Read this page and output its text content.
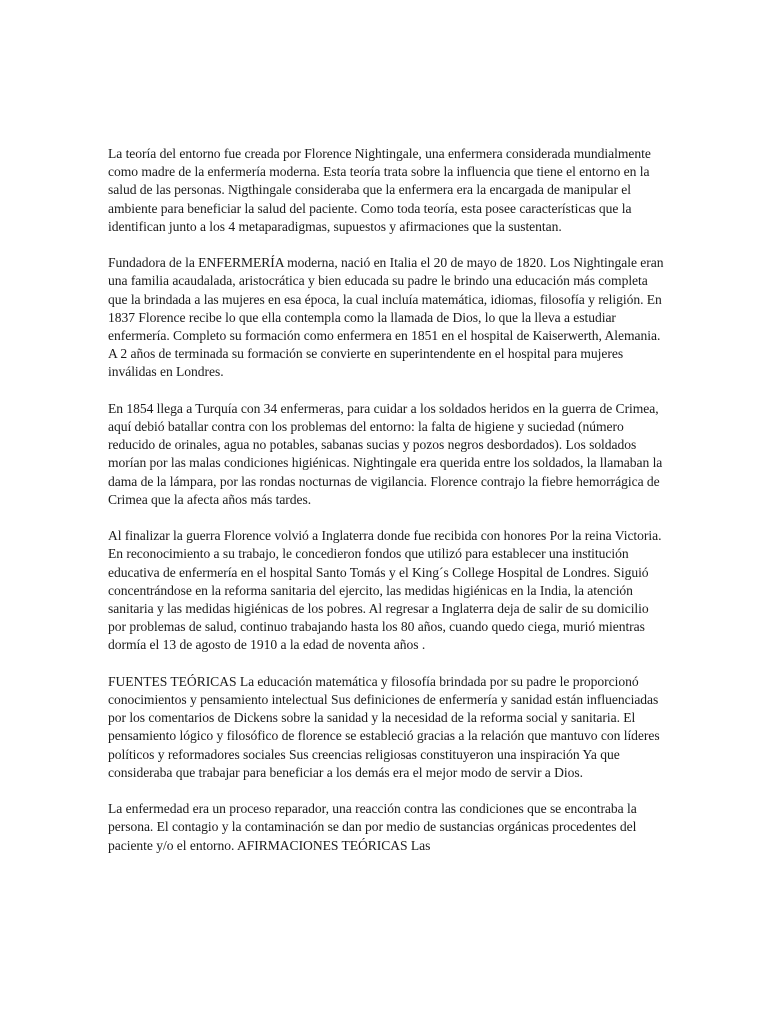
La teoría del entorno fue creada por Florence Nightingale, una enfermera considerada mundialmente como madre de la enfermería moderna. Esta teoría trata sobre la influencia que tiene el entorno en la salud de las personas. Nigthingale consideraba que la enfermera era la encargada de manipular el ambiente para beneficiar la salud del paciente. Como toda teoría, esta posee características que la identifican junto a los 4 metaparadigmas, supuestos y afirmaciones que la sustentan.

Fundadora de la ENFERMERÍA moderna, nació en Italia el 20 de mayo de 1820. Los Nightingale eran una familia acaudalada, aristocrática y bien educada su padre le brindo una educación más completa que la brindada a las mujeres en esa época, la cual incluía matemática, idiomas, filosofía y religión. En 1837 Florence recibe lo que ella contempla como la llamada de Dios, lo que la lleva a estudiar enfermería. Completo su formación como enfermera en 1851 en el hospital de Kaiserwerth, Alemania. A 2 años de terminada su formación se convierte en superintendente en el hospital para mujeres inválidas en Londres.

En 1854 llega a Turquía con 34 enfermeras, para cuidar a los soldados heridos en la guerra de Crimea, aquí debió batallar contra con los problemas del entorno: la falta de higiene y suciedad (número reducido de orinales, agua no potables, sabanas sucias y pozos negros desbordados). Los soldados morían por las malas condiciones higiénicas. Nightingale era querida entre los soldados, la llamaban la dama de la lámpara, por las rondas nocturnas de vigilancia. Florence contrajo la fiebre hemorrágica de Crimea que la afecta años más tardes.

Al finalizar la guerra Florence volvió a Inglaterra donde fue recibida con honores Por la reina Victoria. En reconocimiento a su trabajo, le concedieron fondos que utilizó para establecer una institución educativa de enfermería en el hospital Santo Tomás y el King´s College Hospital de Londres. Siguió concentrándose en la reforma sanitaria del ejercito, las medidas higiénicas en la India, la atención sanitaria y las medidas higiénicas de los pobres. Al regresar a Inglaterra deja de salir de su domicilio por problemas de salud, continuo trabajando hasta los 80 años, cuando quedo ciega, murió mientras dormía el 13 de agosto de 1910 a la edad de noventa años .

FUENTES TEÓRICAS La educación matemática y filosofía brindada por su padre le proporcionó conocimientos y pensamiento intelectual Sus definiciones de enfermería y sanidad están influenciadas por los comentarios de Dickens sobre la sanidad y la necesidad de la reforma social y sanitaria. El pensamiento lógico y filosófico de florence se estableció gracias a la relación que mantuvo con líderes políticos y reformadores sociales Sus creencias religiosas constituyeron una inspiración Ya que consideraba que trabajar para beneficiar a los demás era el mejor modo de servir a Dios.

La enfermedad era un proceso reparador, una reacción contra las condiciones que se encontraba la persona. El contagio y la contaminación se dan por medio de sustancias orgánicas procedentes del paciente y/o el entorno. AFIRMACIONES TEÓRICAS Las
